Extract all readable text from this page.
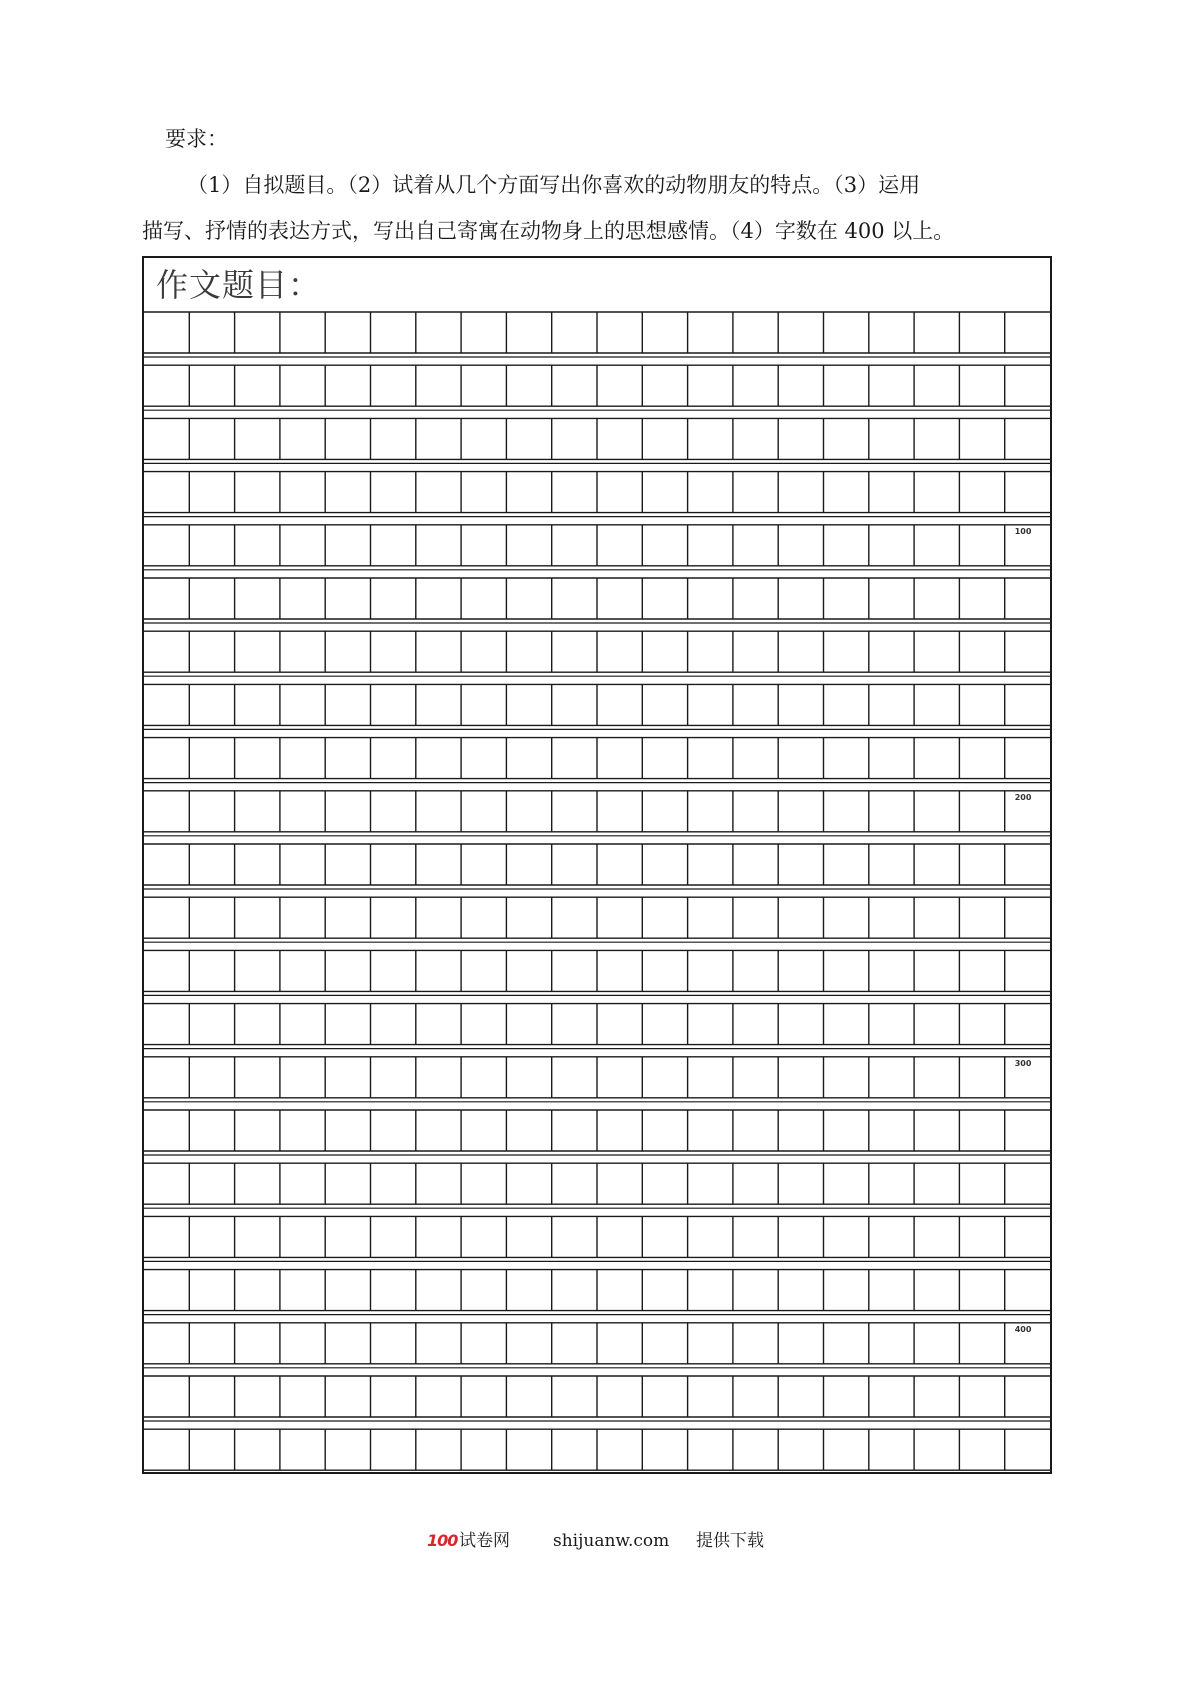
要求：
（1）自拟题目。（2）试着从几个方面写出你喜欢的动物朋友的特点。（3）运用
描写、抒情的表达方式，写出自己寄寓在动物身上的思想感情。（4）字数在 400 以上。
作文题目：
100
200
300
400
100 试卷网	shijuanw.com 提供下载
